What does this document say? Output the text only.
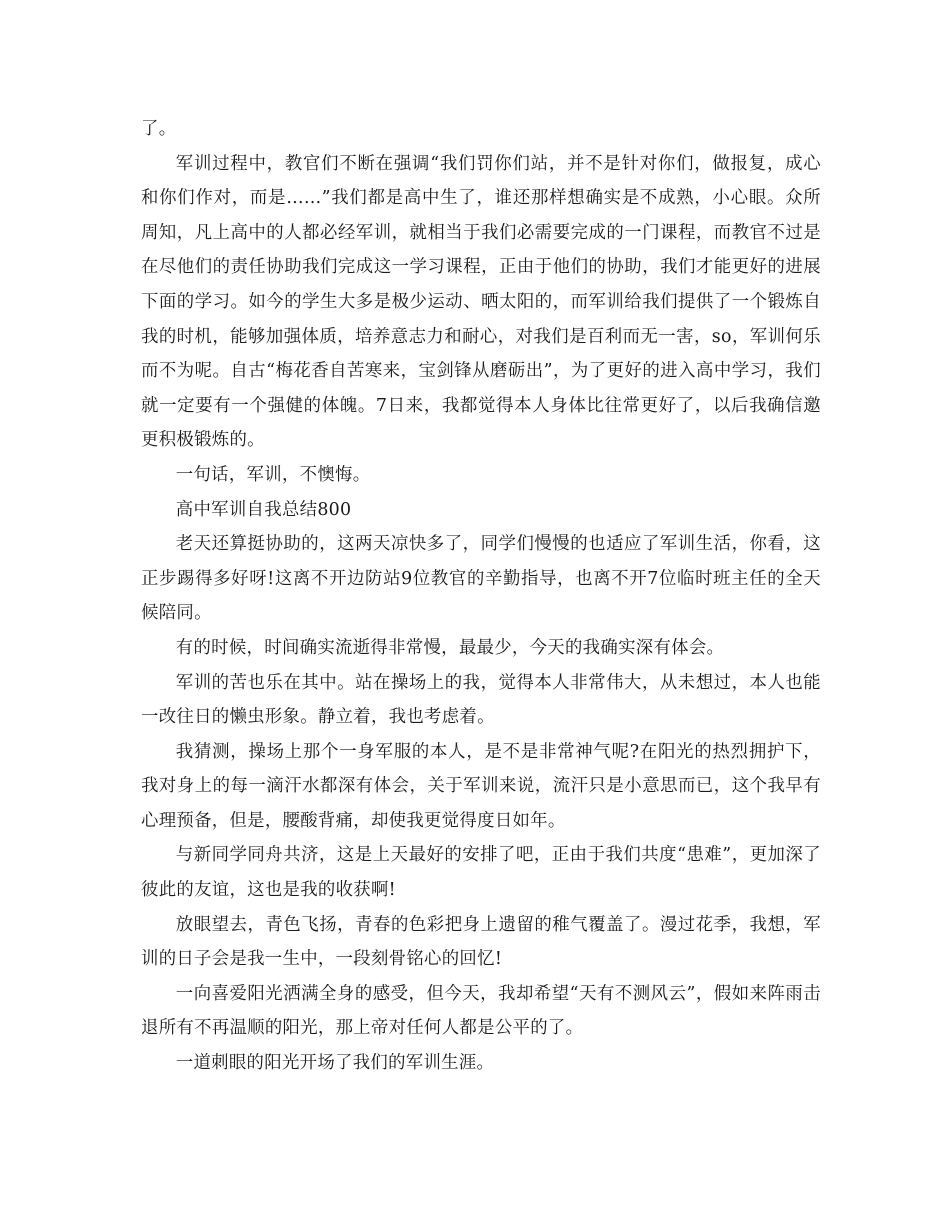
了。

军训过程中，教官们不断在强调“我们罚你们站，并不是针对你们，做报复，成心和你们作对，而是……”我们都是高中生了，谁还那样想确实是不成熟，小心眼。众所周知，凡上高中的人都必经军训，就相当于我们必需要完成的一门课程，而教官不过是在尽他们的责任协助我们完成这一学习课程，正由于他们的协助，我们才能更好的进展下面的学习。如今的学生大多是极少运动、晒太阳的，而军训给我们提供了一个锻炼自我的时机，能够加强体质，培养意志力和耐心，对我们是百利而无一害，so，军训何乐而不为呢。自古“梅花香自苦寒来，宝剑锋从磨砺出”，为了更好的进入高中学习，我们就一定要有一个强健的体魄。7日来，我都觉得本人身体比往常更好了，以后我确信邀更积极锻炼的。

一句话，军训，不懊悔。

高中军训自我总结800

老天还算挺协助的，这两天凉快多了，同学们慢慢的也适应了军训生活，你看，这正步踢得多好呀!这离不开边防站9位教官的辛勤指导，也离不开7位临时班主任的全天候陪同。

有的时候，时间确实流逝得非常慢，最最少，今天的我确实深有体会。

军训的苦也乐在其中。站在操场上的我，觉得本人非常伟大，从未想过，本人也能一改往日的懒虫形象。静立着，我也考虑着。

我猜测，操场上那个一身军服的本人，是不是非常神气呢?在阳光的热烈拥护下，我对身上的每一滴汗水都深有体会，关于军训来说，流汗只是小意思而已，这个我早有心理预备，但是，腰酸背痛，却使我更觉得度日如年。

与新同学同舟共济，这是上天最好的安排了吧，正由于我们共度“患难”，更加深了彼此的友谊，这也是我的收获啊!

放眼望去，青色飞扬，青春的色彩把身上遗留的稚气覆盖了。漫过花季，我想，军训的日子会是我一生中，一段刻骨铭心的回忆!

一向喜爱阳光洒满全身的感受，但今天，我却希望“天有不测风云”，假如来阵雨击退所有不再温顺的阳光，那上帝对任何人都是公平的了。

一道刺眼的阳光开场了我们的军训生涯。
